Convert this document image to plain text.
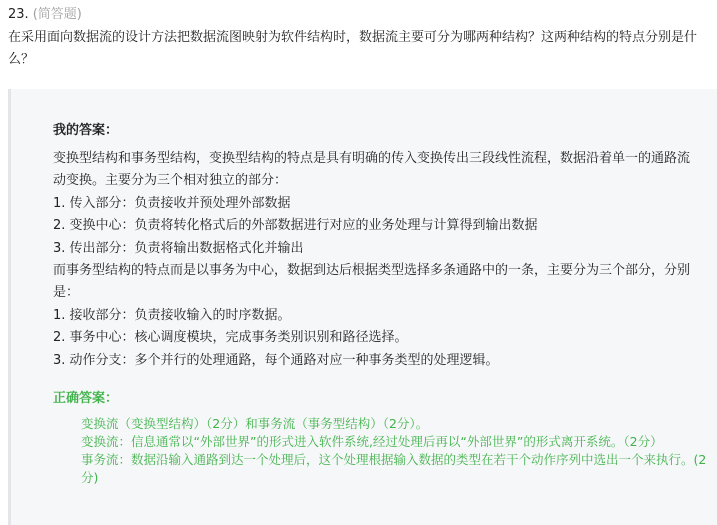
23. (简答题)
在采用面向数据流的设计方法把数据流图映射为软件结构时，数据流主要可分为哪两种结构？这两种结构的特点分别是什么？
我的答案：
变换型结构和事务型结构，变换型结构的特点是具有明确的传入变换传出三段线性流程，数据沿着单一的通路流动变换。主要分为三个相对独立的部分：
1. 传入部分：负责接收并预处理外部数据
2. 变换中心：负责将转化格式后的外部数据进行对应的业务处理与计算得到输出数据
3. 传出部分：负责将输出数据格式化并输出
而事务型结构的特点而是以事务为中心，数据到达后根据类型选择多条通路中的一条，主要分为三个部分，分别是：
1. 接收部分：负责接收输入的时序数据。
2. 事务中心：核心调度模块，完成事务类别识别和路径选择。
3. 动作分支：多个并行的处理通路，每个通路对应一种事务类型的处理逻辑。
正确答案：
变换流（变换型结构）（2分）和事务流（事务型结构）（2分）。
变换流：信息通常以“外部世界”的形式进入软件系统,经过处理后再以“外部世界”的形式离开系统。（2分）
事务流：数据沿输入通路到达一个处理后，这个处理根据输入数据的类型在若干个动作序列中选出一个来执行。(2分)
